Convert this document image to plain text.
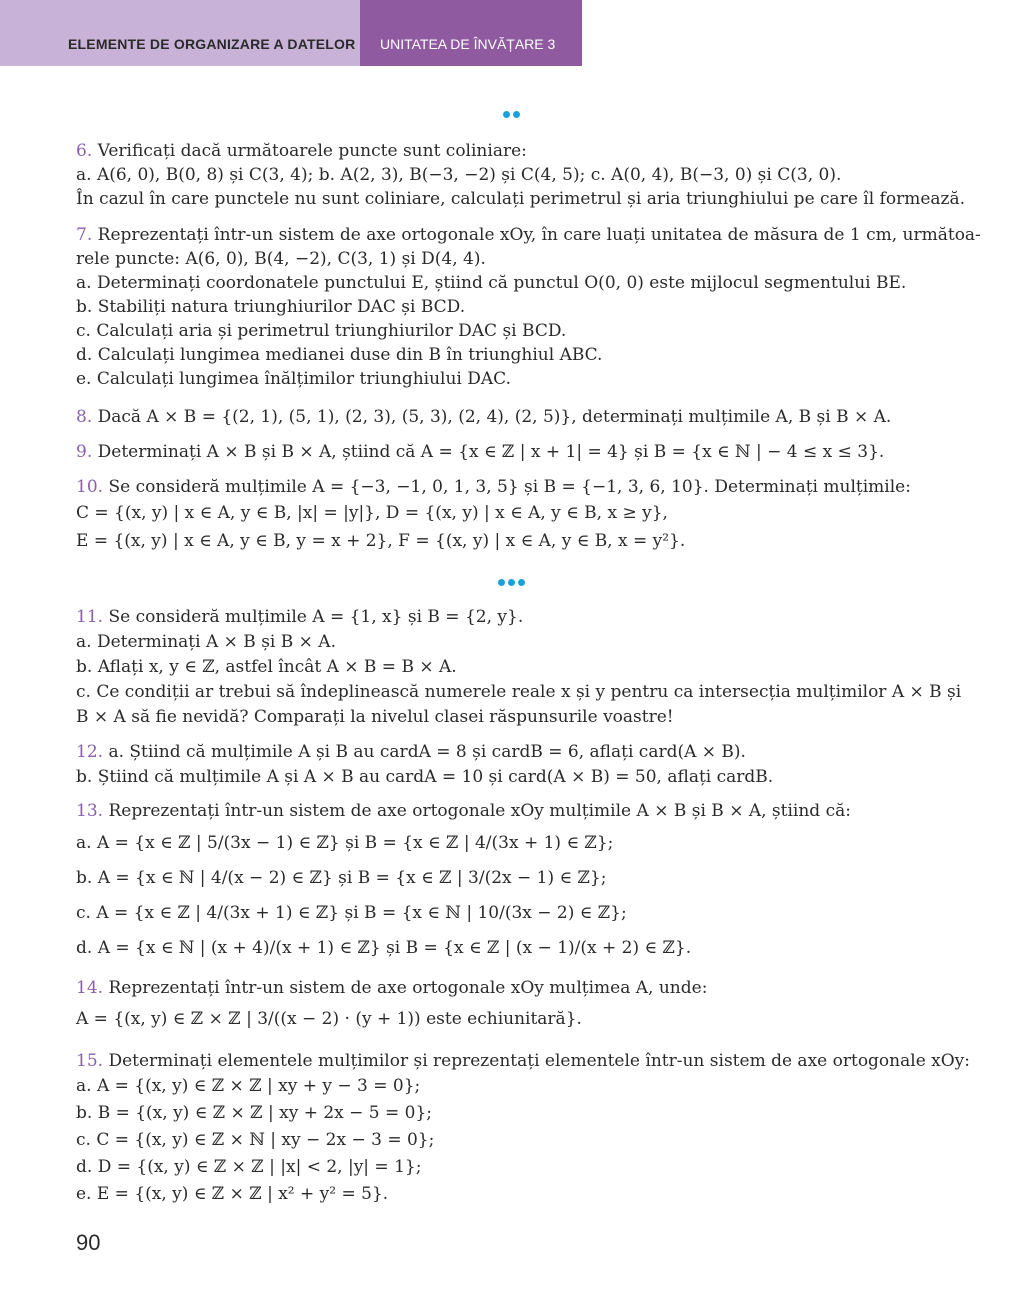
ELEMENTE DE ORGANIZARE A DATELOR	UNITATEA DE ÎNVĂȚARE 3
6. Verificați dacă următoarele puncte sunt coliniare:
a. A(6, 0), B(0, 8) și C(3, 4); b. A(2, 3), B(−3, −2) și C(4, 5); c. A(0, 4), B(−3, 0) și C(3, 0).
În cazul în care punctele nu sunt coliniare, calculați perimetrul și aria triunghiului pe care îl formează.
7. Reprezentați într-un sistem de axe ortogonale xOy, în care luați unitatea de măsura de 1 cm, următoa-
rele puncte: A(6, 0), B(4, −2), C(3, 1) și D(4, 4).
a. Determinați coordonatele punctului E, știind că punctul O(0, 0) este mijlocul segmentului BE.
b. Stabiliți natura triunghiurilor DAC și BCD.
c. Calculați aria și perimetrul triunghiurilor DAC și BCD.
d. Calculați lungimea medianei duse din B în triunghiul ABC.
e. Calculați lungimea înălțimilor triunghiului DAC.
8. Dacă A × B = {(2, 1), (5, 1), (2, 3), (5, 3), (2, 4), (2, 5)}, determinați mulțimile A, B și B × A.
9. Determinați A × B și B × A, știind că A = {x ∈ ℤ | x + 1| = 4} și B = {x ∈ ℕ | − 4 ≤ x ≤ 3}.
10. Se consideră mulțimile A = {−3, −1, 0, 1, 3, 5} și B = {−1, 3, 6, 10}. Determinați mulțimile:
C = {(x, y) | x ∈ A, y ∈ B, |x| = |y|}, D = {(x, y) | x ∈ A, y ∈ B, x ≥ y},
E = {(x, y) | x ∈ A, y ∈ B, y = x + 2}, F = {(x, y) | x ∈ A, y ∈ B, x = y²}.
11. Se consideră mulțimile A = {1, x} și B = {2, y}.
a. Determinați A × B și B × A.
b. Aflați x, y ∈ ℤ, astfel încât A × B = B × A.
c. Ce condiții ar trebui să îndeplinească numerele reale x și y pentru ca intersecția mulțimilor A × B și
B × A să fie nevidă? Comparați la nivelul clasei răspunsurile voastre!
12. a. Știind că mulțimile A și B au cardA = 8 și cardB = 6, aflați card(A × B).
b. Știind că mulțimile A și A × B au cardA = 10 și card(A × B) = 50, aflați cardB.
13. Reprezentați într-un sistem de axe ortogonale xOy mulțimile A × B și B × A, știind că:
a. A = {x ∈ ℤ | 5/(3x − 1) ∈ ℤ} și B = {x ∈ ℤ | 4/(3x + 1) ∈ ℤ};
b. A = {x ∈ ℕ | 4/(x − 2) ∈ ℤ} și B = {x ∈ ℤ | 3/(2x − 1) ∈ ℤ};
c. A = {x ∈ ℤ | 4/(3x + 1) ∈ ℤ} și B = {x ∈ ℕ | 10/(3x − 2) ∈ ℤ};
d. A = {x ∈ ℕ | (x + 4)/(x + 1) ∈ ℤ} și B = {x ∈ ℤ | (x − 1)/(x + 2) ∈ ℤ}.
14. Reprezentați într-un sistem de axe ortogonale xOy mulțimea A, unde:
A = {(x, y) ∈ ℤ × ℤ | 3/((x − 2) · (y + 1)) este echiunitară}.
15. Determinați elementele mulțimilor și reprezentați elementele într-un sistem de axe ortogonale xOy:
a. A = {(x, y) ∈ ℤ × ℤ | xy + y − 3 = 0};
b. B = {(x, y) ∈ ℤ × ℤ | xy + 2x − 5 = 0};
c. C = {(x, y) ∈ ℤ × ℕ | xy − 2x − 3 = 0};
d. D = {(x, y) ∈ ℤ × ℤ | |x| < 2, |y| = 1};
e. E = {(x, y) ∈ ℤ × ℤ | x² + y² = 5}.
90
